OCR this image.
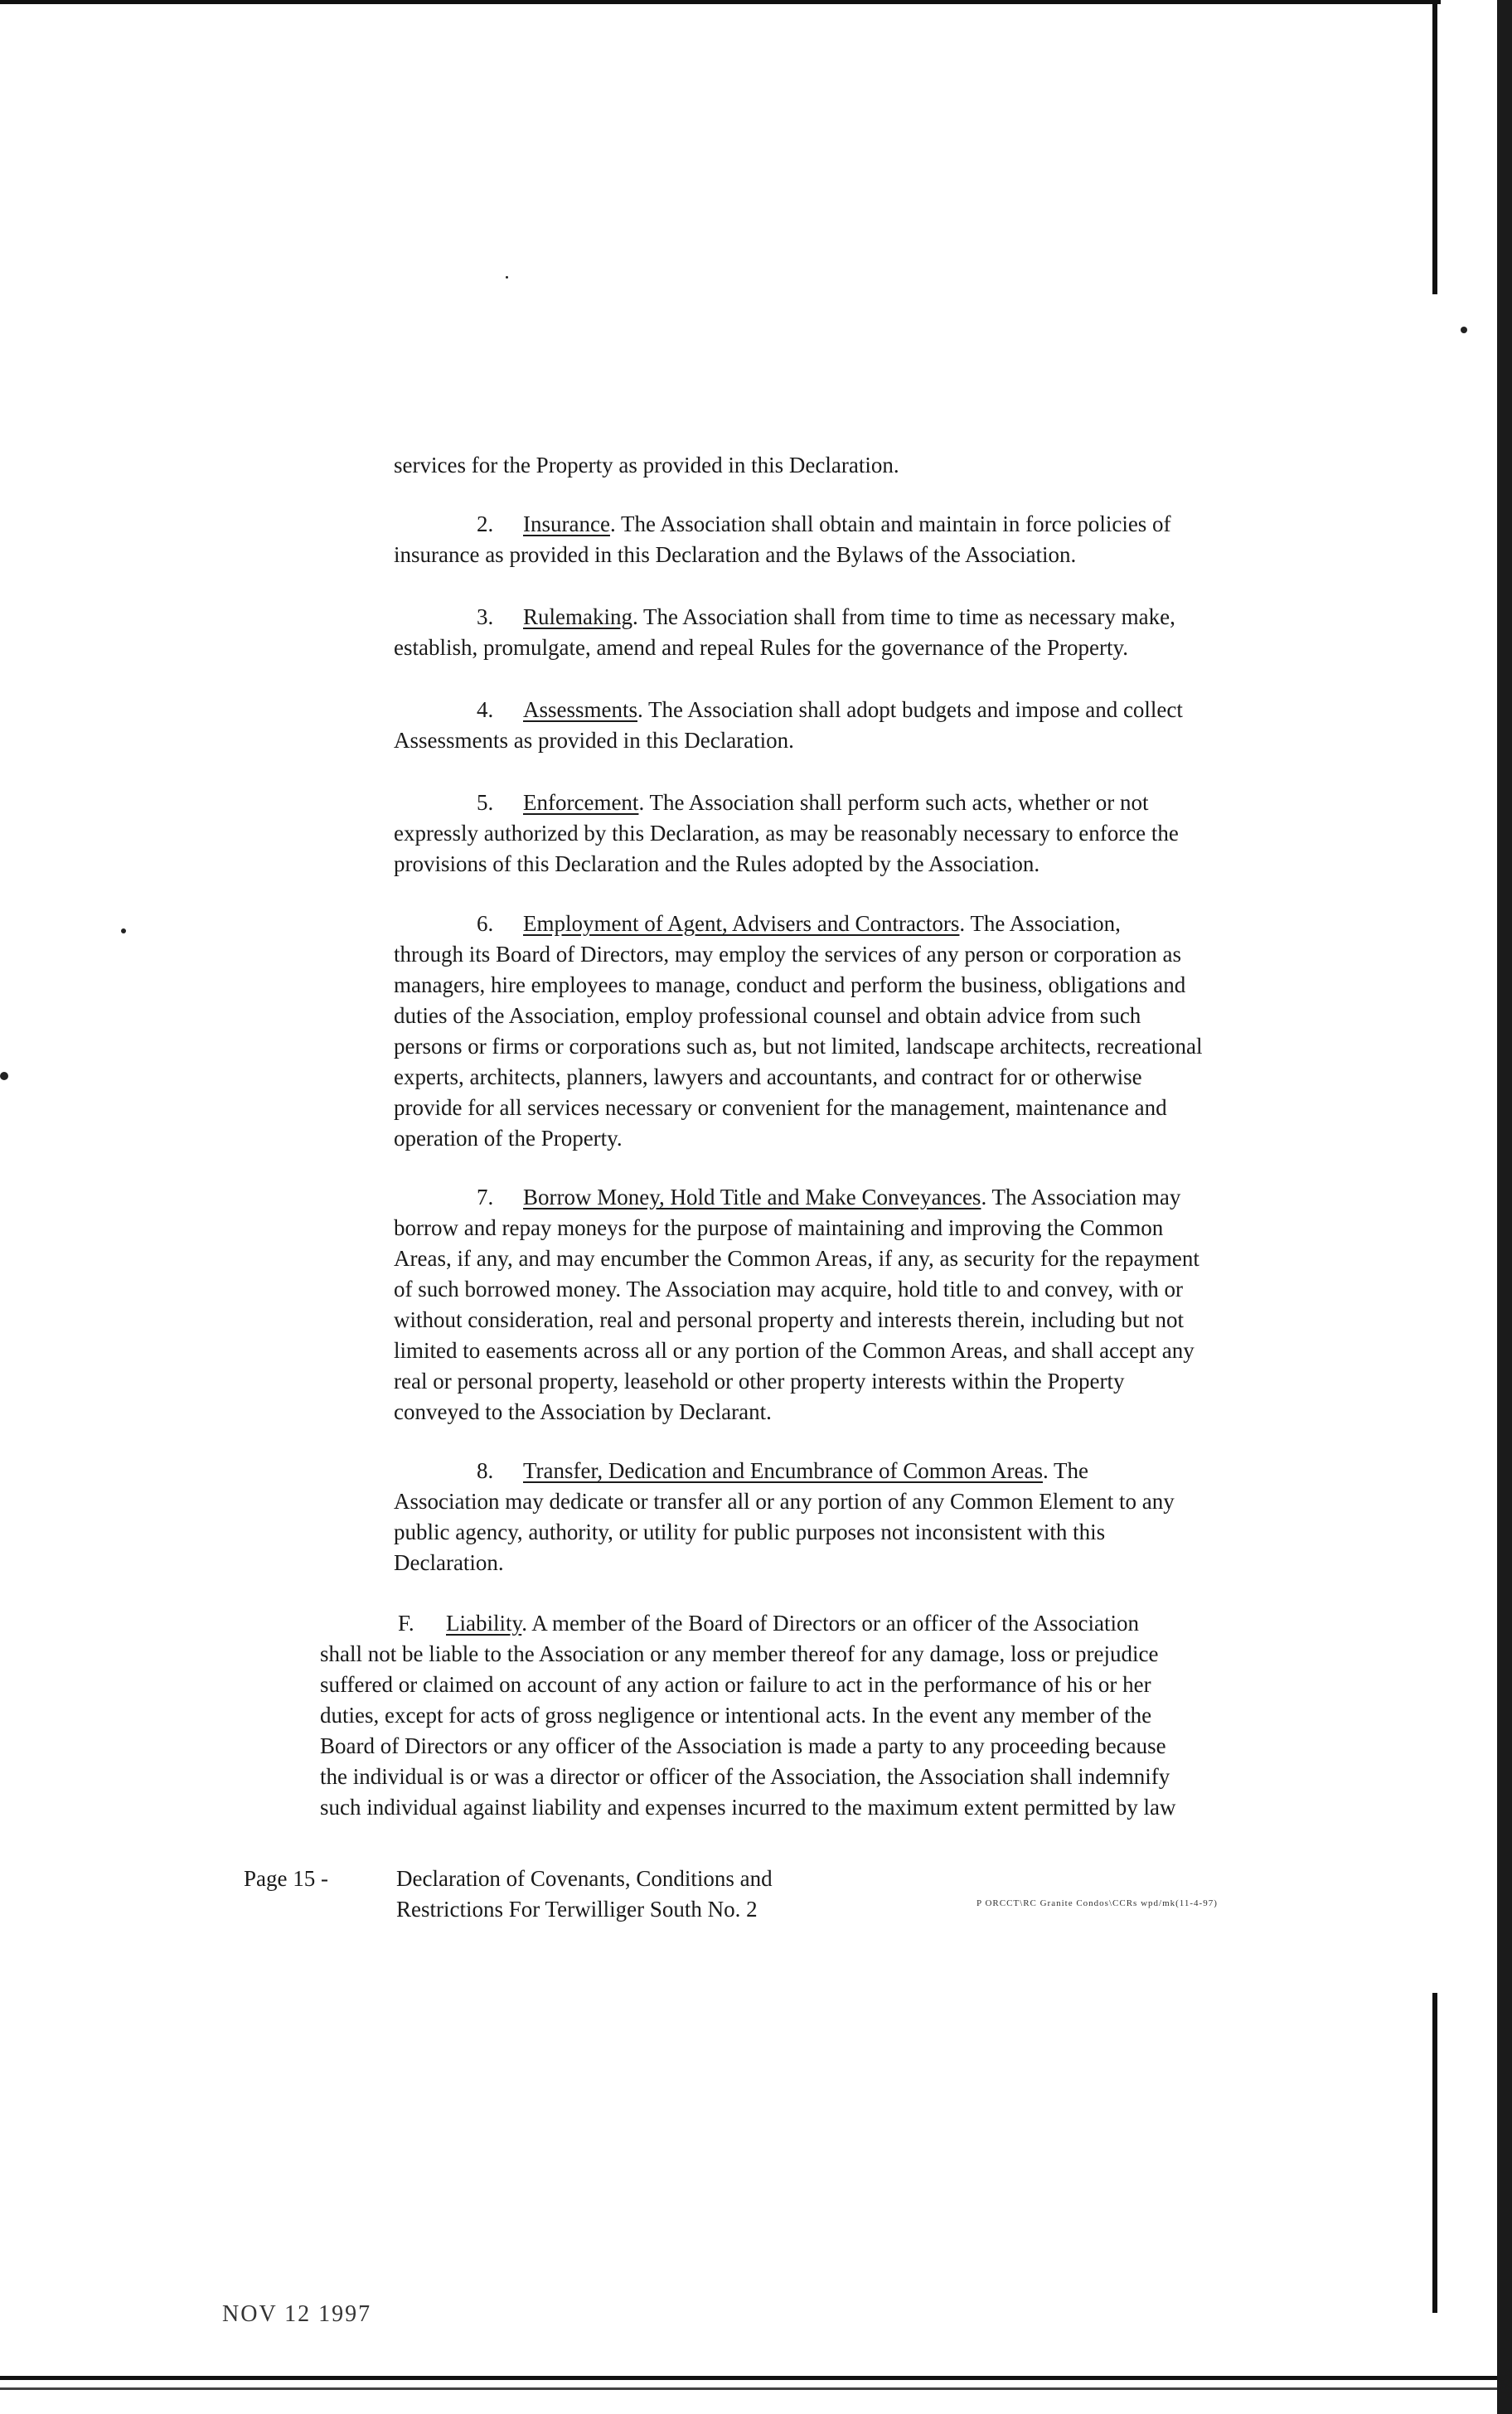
services for the Property as provided in this Declaration.

2. Insurance. The Association shall obtain and maintain in force policies of

insurance as provided in this Declaration and the Bylaws of the Association.

3. Rulemaking. The Association shall from time to time as necessary make,

establish, promulgate, amend and repeal Rules for the governance of the Property.

4. Assessments. The Association shall adopt budgets and impose and collect

Assessments as provided in this Declaration.

5. Enforcement. The Association shall perform such acts, whether or not

expressly authorized by this Declaration, as may be reasonably necessary to enforce the

provisions of this Declaration and the Rules adopted by the Association.

6. Employment of Agent, Advisers and Contractors. The Association,

through its Board of Directors, may employ the services of any person or corporation as

managers, hire employees to manage, conduct and perform the business, obligations and

duties of the Association, employ professional counsel and obtain advice from such

persons or firms or corporations such as, but not limited, landscape architects, recreational

experts, architects, planners, lawyers and accountants, and contract for or otherwise

provide for all services necessary or convenient for the management, maintenance and

operation of the Property.

7. Borrow Money, Hold Title and Make Conveyances. The Association may

borrow and repay moneys for the purpose of maintaining and improving the Common

Areas, if any, and may encumber the Common Areas, if any, as security for the repayment

of such borrowed money. The Association may acquire, hold title to and convey, with or

without consideration, real and personal property and interests therein, including but not

limited to easements across all or any portion of the Common Areas, and shall accept any

real or personal property, leasehold or other property interests within the Property

conveyed to the Association by Declarant.

8. Transfer, Dedication and Encumbrance of Common Areas. The

Association may dedicate or transfer all or any portion of any Common Element to any

public agency, authority, or utility for public purposes not inconsistent with this

Declaration.

F. Liability. A member of the Board of Directors or an officer of the Association

shall not be liable to the Association or any member thereof for any damage, loss or prejudice

suffered or claimed on account of any action or failure to act in the performance of his or her

duties, except for acts of gross negligence or intentional acts. In the event any member of the

Board of Directors or any officer of the Association is made a party to any proceeding because

the individual is or was a director or officer of the Association, the Association shall indemnify

such individual against liability and expenses incurred to the maximum extent permitted by law

Page 15 -	Declaration of Covenants, Conditions and
Restrictions For Terwilliger South No. 2	P ORCCT\RC Granite Condos\CCRs wpd/mk(11-4-97)
NOV 12 1997
